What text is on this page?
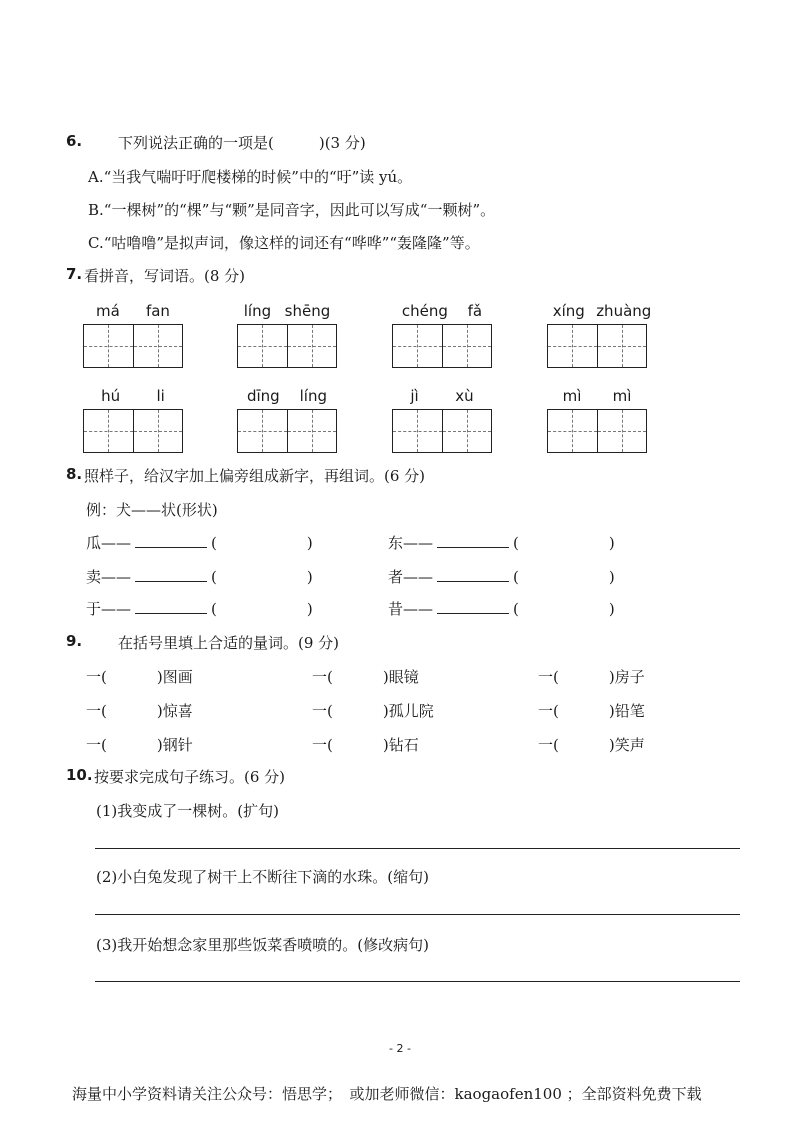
6. 下列说法正确的一项是(　　　)(3 分)
A.“当我气喘吁吁爬楼梯的时候”中的“吁”读 yú。
B.“一棵树”的“棵”与“颗”是同音字，因此可以写成“一颗树”。
C.“咕噜噜”是拟声词，像这样的词还有“哗哗”“轰隆隆”等。
7. 看拼音，写词语。(8 分)
má fan	líng shēng	chéng fǎ	xíng zhuàng
hú li	dīng líng	jì xù	mì mì
8. 照样子，给汉字加上偏旁组成新字，再组词。(6 分)
例：犬——状(形状)
瓜——	(	)	东——	(	)
卖——	(	)	者——	(	)
于——	(	)	昔——	(	)
9. 在括号里填上合适的量词。(9 分)
一(	)图画	一(	)眼镜	一(	)房子
一(	)惊喜	一(	)孤儿院	一(	)铅笔
一(	)钢针	一(	)钻石	一(	)笑声
10. 按要求完成句子练习。(6 分)
(1)我变成了一棵树。(扩句)
(2)小白兔发现了树干上不断往下滴的水珠。(缩句)
(3)我开始想念家里那些饭菜香喷喷的。(修改病句)
- 2 -
海量中小学资料请关注公众号：悟思学；　或加老师微信：kaogaofen100 ；全部资料免费下载
